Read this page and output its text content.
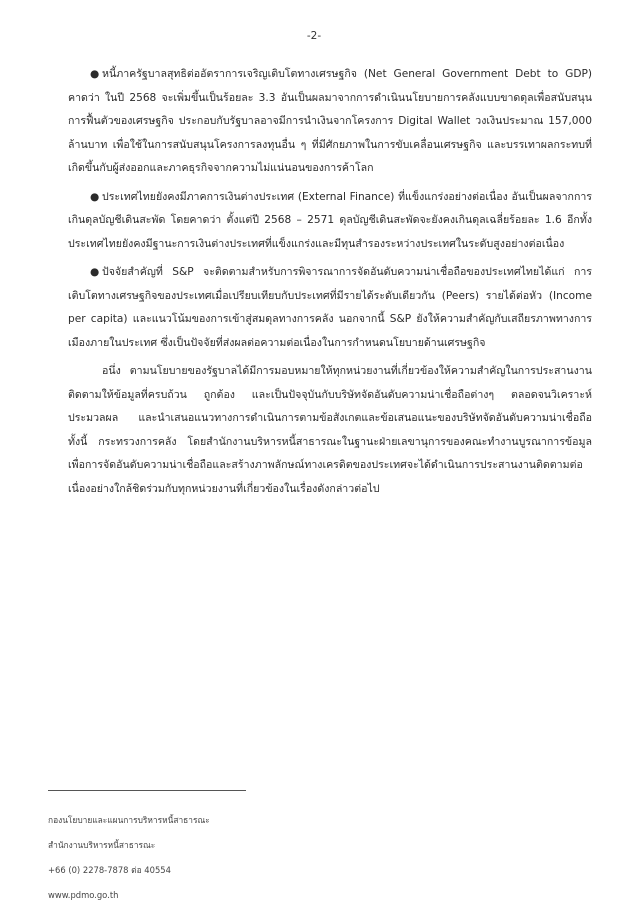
-2-

● หนี้ภาครัฐบาลสุทธิต่ออัตราการเจริญเติบโตทางเศรษฐกิจ (Net General Government Debt to GDP) คาดว่า ในปี 2568 จะเพิ่มขึ้นเป็นร้อยละ 3.3 อันเป็นผลมาจากการดำเนินนโยบายการคลังแบบขาดดุลเพื่อสนับสนุนการฟื้นตัวของเศรษฐกิจ ประกอบกับรัฐบาลอาจมีการนำเงินจากโครงการ Digital Wallet วงเงินประมาณ 157,000 ล้านบาท เพื่อใช้ในการสนับสนุนโครงการลงทุนอื่น ๆ ที่มีศักยภาพในการขับเคลื่อนเศรษฐกิจ และบรรเทาผลกระทบที่เกิดขึ้นกับผู้ส่งออกและภาคธุรกิจจากความไม่แน่นอนของการค้าโลก

● ประเทศไทยยังคงมีภาคการเงินต่างประเทศ (External Finance) ที่แข็งแกร่งอย่างต่อเนื่อง อันเป็นผลจากการเกินดุลบัญชีเดินสะพัด โดยคาดว่า ตั้งแต่ปี 2568 – 2571 ดุลบัญชีเดินสะพัดจะยังคงเกินดุลเฉลี่ยร้อยละ 1.6 อีกทั้งประเทศไทยยังคงมีฐานะการเงินต่างประเทศที่แข็งแกร่งและมีทุนสำรองระหว่างประเทศในระดับสูงอย่างต่อเนื่อง

● ปัจจัยสำคัญที่ S&P จะติดตามสำหรับการพิจารณาการจัดอันดับความน่าเชื่อถือของประเทศไทยได้แก่ การเติบโตทางเศรษฐกิจของประเทศเมื่อเปรียบเทียบกับประเทศที่มีรายได้ระดับเดียวกัน (Peers) รายได้ต่อหัว (Income per capita) และแนวโน้มของการเข้าสู่สมดุลทางการคลัง นอกจากนี้ S&P ยังให้ความสำคัญกับเสถียรภาพทางการเมืองภายในประเทศ ซึ่งเป็นปัจจัยที่ส่งผลต่อความต่อเนื่องในการกำหนดนโยบายด้านเศรษฐกิจ

อนึ่ง ตามนโยบายของรัฐบาลได้มีการมอบหมายให้ทุกหน่วยงานที่เกี่ยวข้องให้ความสำคัญในการประสานงานติดตามให้ข้อมูลที่ครบถ้วน ถูกต้อง และเป็นปัจจุบันกับบริษัทจัดอันดับความน่าเชื่อถือต่างๆ ตลอดจนวิเคราะห์ ประมวลผล และนำเสนอแนวทางการดำเนินการตามข้อสังเกตและข้อเสนอแนะของบริษัทจัดอันดับความน่าเชื่อถือ ทั้งนี้ กระทรวงการคลัง โดยสำนักงานบริหารหนี้สาธารณะในฐานะฝ่ายเลขานุการของคณะทำงานบูรณาการข้อมูลเพื่อการจัดอันดับความน่าเชื่อถือและสร้างภาพลักษณ์ทางเครดิตของประเทศจะได้ดำเนินการประสานงานติดตามต่อเนื่องอย่างใกล้ชิดร่วมกับทุกหน่วยงานที่เกี่ยวข้องในเรื่องดังกล่าวต่อไป

กองนโยบายและแผนการบริหารหนี้สาธารณะ
สำนักงานบริหารหนี้สาธารณะ
+66 (0) 2278-7878 ต่อ 40554
www.pdmo.go.th
